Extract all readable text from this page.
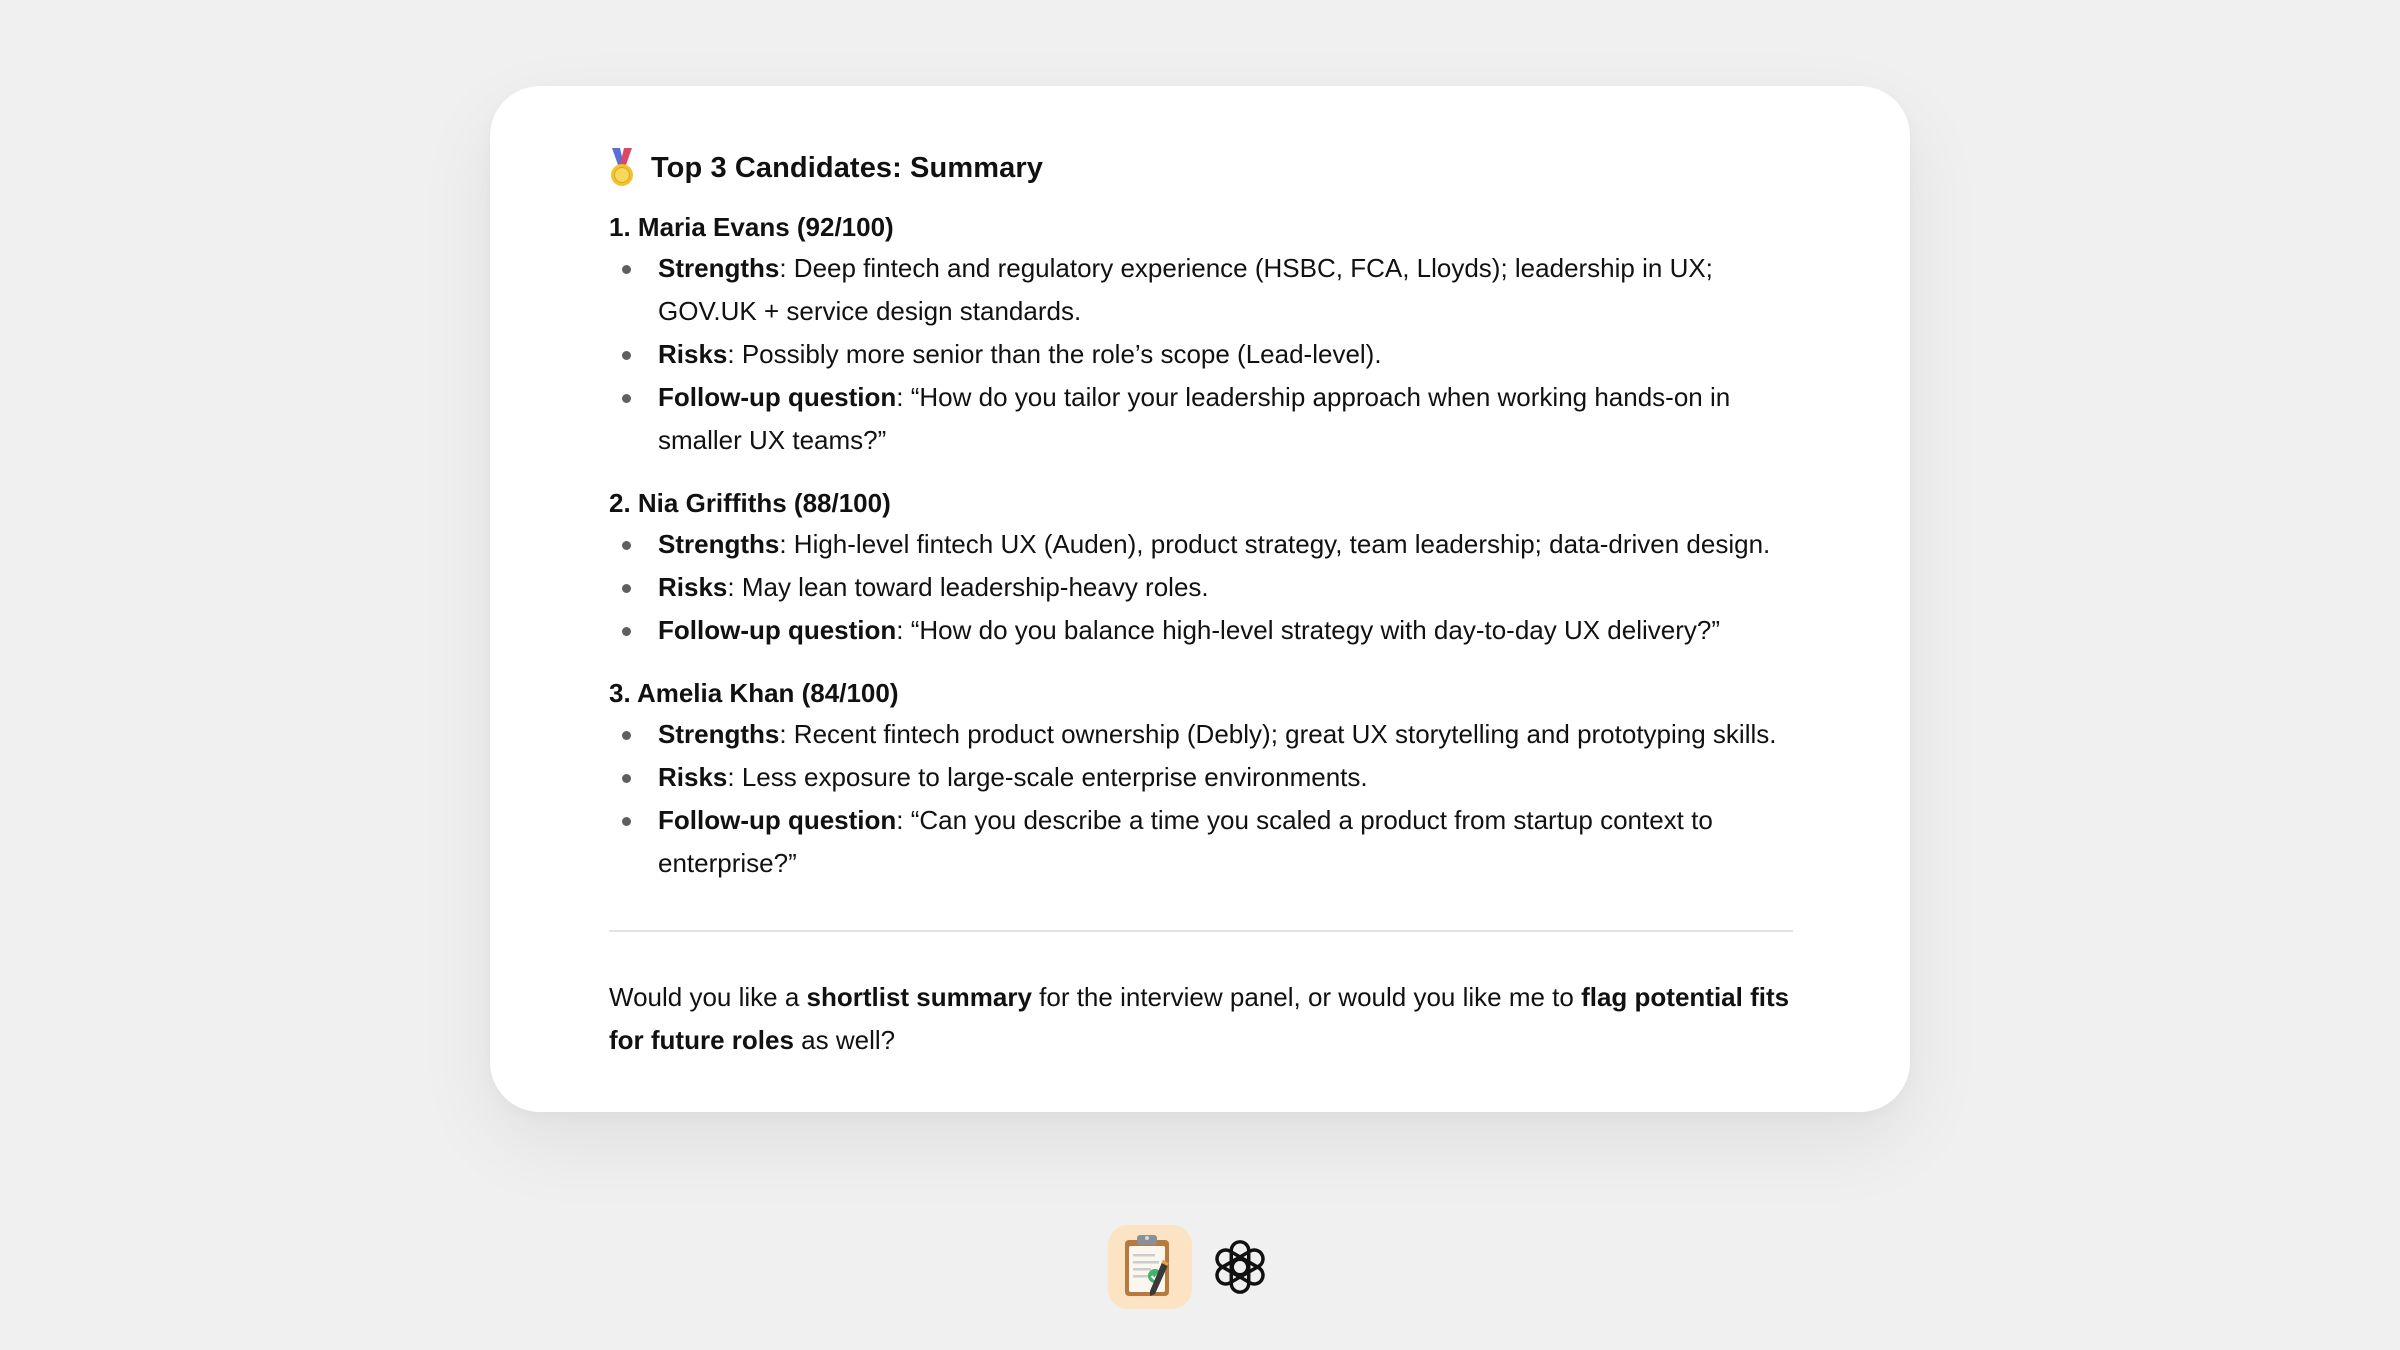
Top 3 Candidates: Summary
1. Maria Evans (92/100)
Strengths: Deep fintech and regulatory experience (HSBC, FCA, Lloyds); leadership in UX; GOV.UK + service design standards.
Risks: Possibly more senior than the role’s scope (Lead-level).
Follow-up question: “How do you tailor your leadership approach when working hands-on in smaller UX teams?”
2. Nia Griffiths (88/100)
Strengths: High-level fintech UX (Auden), product strategy, team leadership; data-driven design.
Risks: May lean toward leadership-heavy roles.
Follow-up question: “How do you balance high-level strategy with day-to-day UX delivery?”
3. Amelia Khan (84/100)
Strengths: Recent fintech product ownership (Debly); great UX storytelling and prototyping skills.
Risks: Less exposure to large-scale enterprise environments.
Follow-up question: “Can you describe a time you scaled a product from startup context to enterprise?”
Would you like a shortlist summary for the interview panel, or would you like me to flag potential fits for future roles as well?
